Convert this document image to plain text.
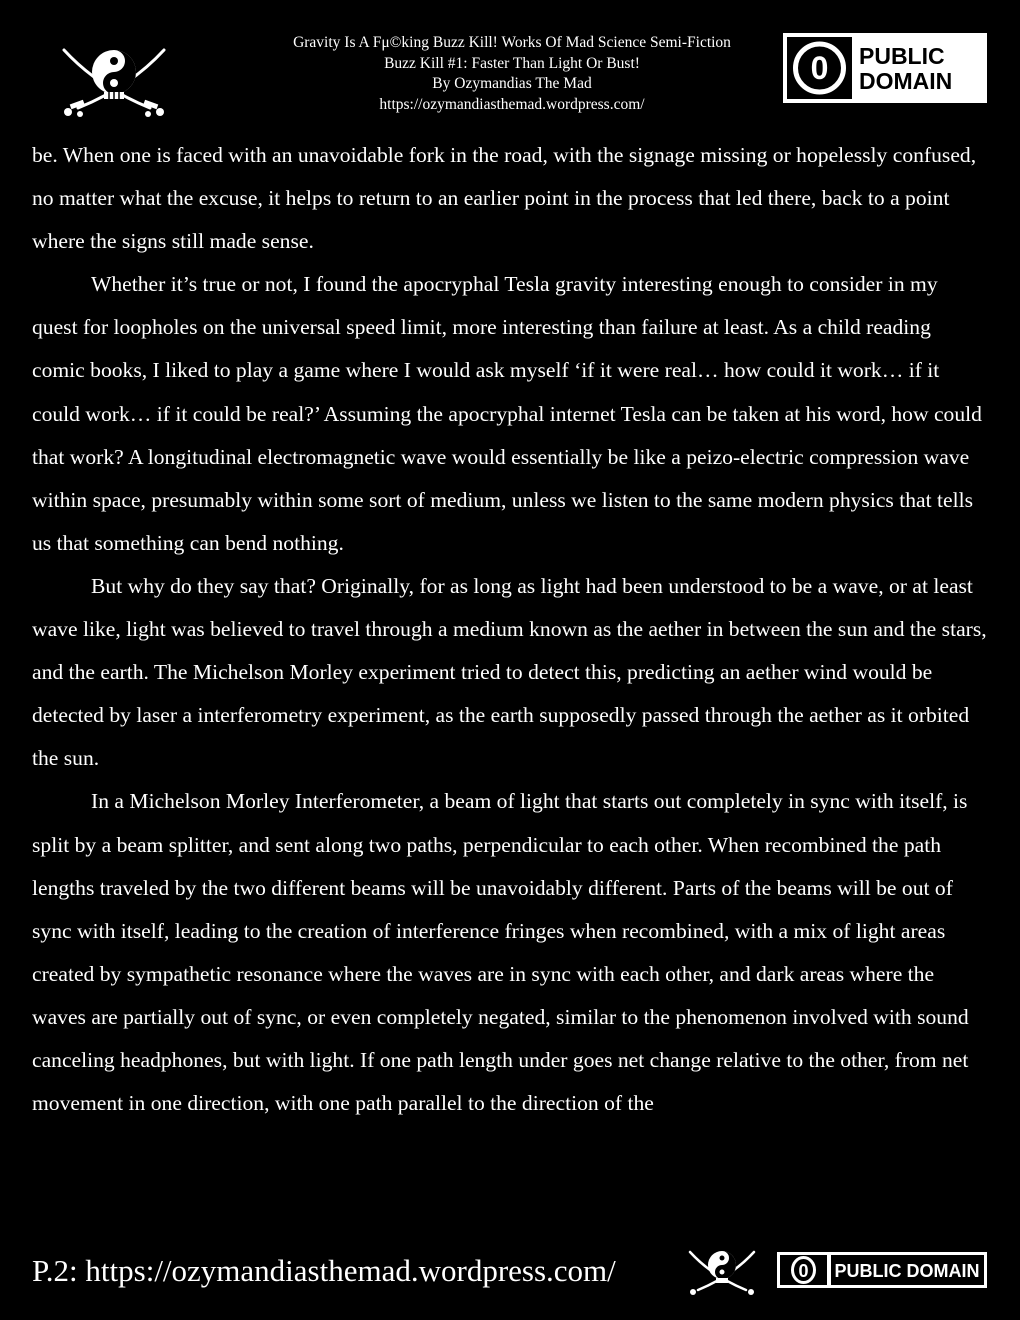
Gravity Is A Fμ©king Buzz Kill! Works Of Mad Science Semi-Fiction
Buzz Kill #1: Faster Than Light Or Bust!
By Ozymandias The Mad
https://ozymandiasthemad.wordpress.com/
0 PUBLIC
DOMAIN

be. When one is faced with an unavoidable fork in the road, with the signage missing or hopelessly confused, no matter what the excuse, it helps to return to an earlier point in the process that led there, back to a point where the signs still made sense.

Whether it’s true or not, I found the apocryphal Tesla gravity interesting enough to consider in my quest for loopholes on the universal speed limit, more interesting than failure at least. As a child reading comic books, I liked to play a game where I would ask myself ‘if it were real… how could it work… if it could work… if it could be real?’ Assuming the apocryphal internet Tesla can be taken at his word, how could that work? A longitudinal electromagnetic wave would essentially be like a peizo-electric compression wave within space, presumably within some sort of medium, unless we listen to the same modern physics that tells us that something can bend nothing.

But why do they say that? Originally, for as long as light had been understood to be a wave, or at least wave like, light was believed to travel through a medium known as the aether in between the sun and the stars, and the earth. The Michelson Morley experiment tried to detect this, predicting an aether wind would be detected by laser a interferometry experiment, as the earth supposedly passed through the aether as it orbited the sun.

In a Michelson Morley Interferometer, a beam of light that starts out completely in sync with itself, is split by a beam splitter, and sent along two paths, perpendicular to each other. When recombined the path lengths traveled by the two different beams will be unavoidably different. Parts of the beams will be out of sync with itself, leading to the creation of interference fringes when recombined, with a mix of light areas created by sympathetic resonance where the waves are in sync with each other, and dark areas where the waves are partially out of sync, or even completely negated, similar to the phenomenon involved with sound canceling headphones, but with light. If one path length under goes net change relative to the other, from net movement in one direction, with one path parallel to the direction of the

P.2: https://ozymandiasthemad.wordpress.com/	0 PUBLIC DOMAIN
